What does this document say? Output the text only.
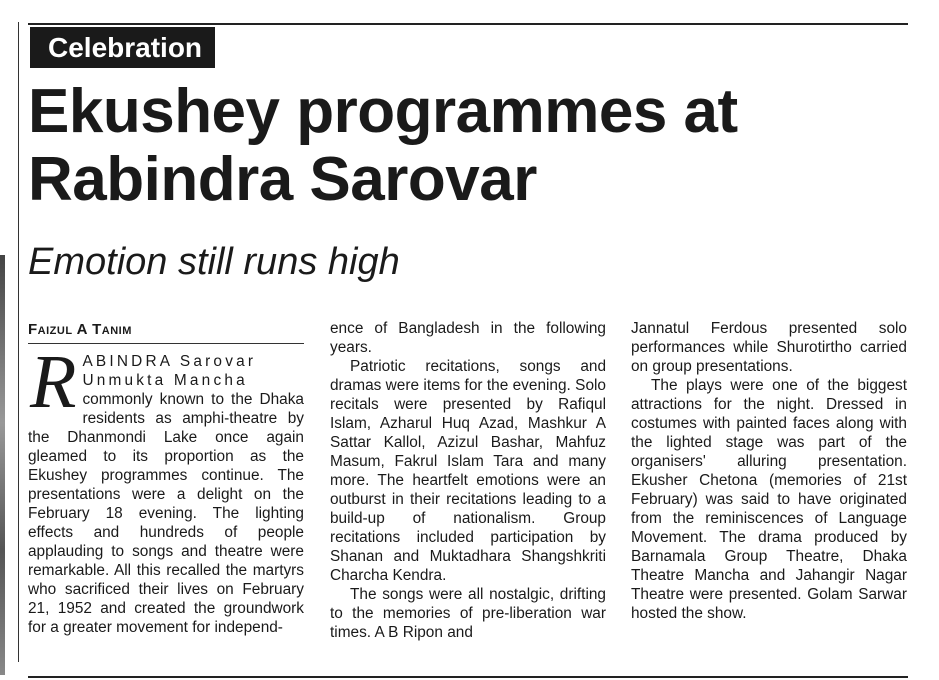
Celebration
Ekushey programmes at
Rabindra Sarovar
Emotion still runs high
Faizul A Tanim

R ABINDRA Sarovar
Unmukta Mancha
commonly known to the Dhaka residents as amphi-theatre by the Dhanmondi Lake once again gleamed to its proportion as the Ekushey programmes continue. The presentations were a delight on the February 18 evening. The lighting effects and hundreds of people applauding to songs and theatre were remarkable. All this recalled the martyrs who sacrificed their lives on February 21, 1952 and created the groundwork for a greater movement for independ-

ence of Bangladesh in the following years.

Patriotic recitations, songs and dramas were items for the evening. Solo recitals were presented by Rafiqul Islam, Azharul Huq Azad, Mashkur A Sattar Kallol, Azizul Bashar, Mahfuz Masum, Fakrul Islam Tara and many more. The heartfelt emotions were an outburst in their recitations leading to a build-up of nationalism. Group recitations included participation by Shanan and Muktadhara Shangshkriti Charcha Kendra.

The songs were all nostalgic, drifting to the memories of pre-liberation war times. A B Ripon and

Jannatul Ferdous presented solo performances while Shurotirtho carried on group presentations.

The plays were one of the biggest attractions for the night. Dressed in costumes with painted faces along with the lighted stage was part of the organisers' alluring presentation. Ekusher Chetona (memories of 21st February) was said to have originated from the reminiscences of Language Movement. The drama produced by Barnamala Group Theatre, Dhaka Theatre Mancha and Jahangir Nagar Theatre were presented. Golam Sarwar hosted the show.
